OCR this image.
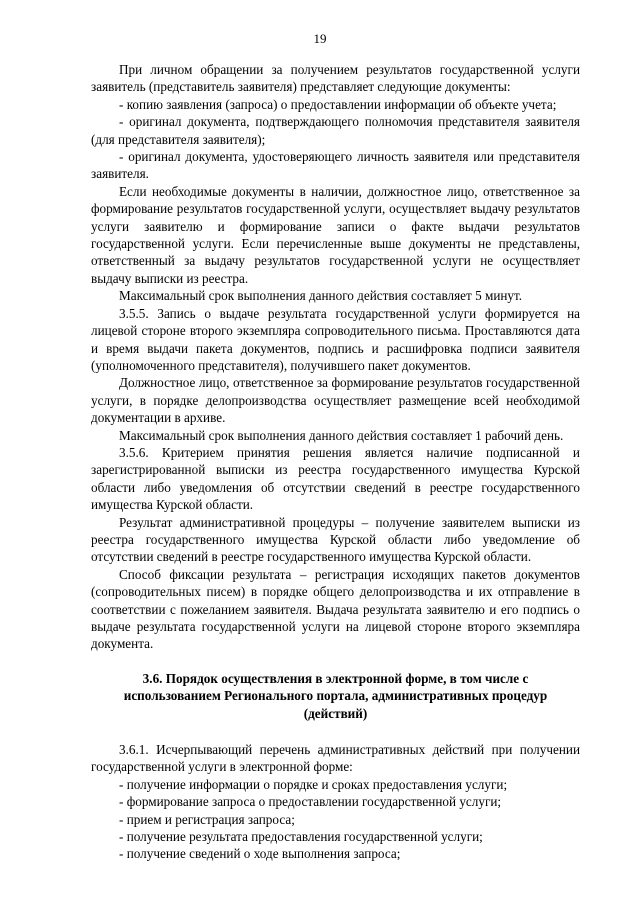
19

При личном обращении за получением результатов государственной услуги заявитель (представитель заявителя) представляет следующие документы:

- копию заявления (запроса) о предоставлении информации об объекте учета;

- оригинал документа, подтверждающего полномочия представителя заявителя (для представителя заявителя);

- оригинал документа, удостоверяющего личность заявителя или представителя заявителя.

Если необходимые документы в наличии, должностное лицо, ответственное за формирование результатов государственной услуги, осуществляет выдачу результатов услуги заявителю и формирование записи о факте выдачи результатов государственной услуги. Если перечисленные выше документы не представлены, ответственный за выдачу результатов государственной услуги не осуществляет выдачу выписки из реестра.

Максимальный срок выполнения данного действия составляет 5 минут.

3.5.5. Запись о выдаче результата государственной услуги формируется на лицевой стороне второго экземпляра сопроводительного письма. Проставляются дата и время выдачи пакета документов, подпись и расшифровка подписи заявителя (уполномоченного представителя), получившего пакет документов.

Должностное лицо, ответственное за формирование результатов государственной услуги, в порядке делопроизводства осуществляет размещение всей необходимой документации в архиве.

Максимальный срок выполнения данного действия составляет 1 рабочий день.

3.5.6. Критерием принятия решения является наличие подписанной и зарегистрированной выписки из реестра государственного имущества Курской области либо уведомления об отсутствии сведений в реестре государственного имущества Курской области.

Результат административной процедуры – получение заявителем выписки из реестра государственного имущества Курской области либо уведомление об отсутствии сведений в реестре государственного имущества Курской области.

Способ фиксации результата – регистрация исходящих пакетов документов (сопроводительных писем) в порядке общего делопроизводства и их отправление в соответствии с пожеланием заявителя. Выдача результата заявителю и его подпись о выдаче результата государственной услуги на лицевой стороне второго экземпляра документа.

3.6. Порядок осуществления в электронной форме, в том числе с
использованием Регионального портала, административных процедур
(действий)

3.6.1. Исчерпывающий перечень административных действий при получении государственной услуги в электронной форме:

- получение информации о порядке и сроках предоставления услуги;

- формирование запроса о предоставлении государственной услуги;

- прием и регистрация запроса;

- получение результата предоставления государственной услуги;

- получение сведений о ходе выполнения запроса;
